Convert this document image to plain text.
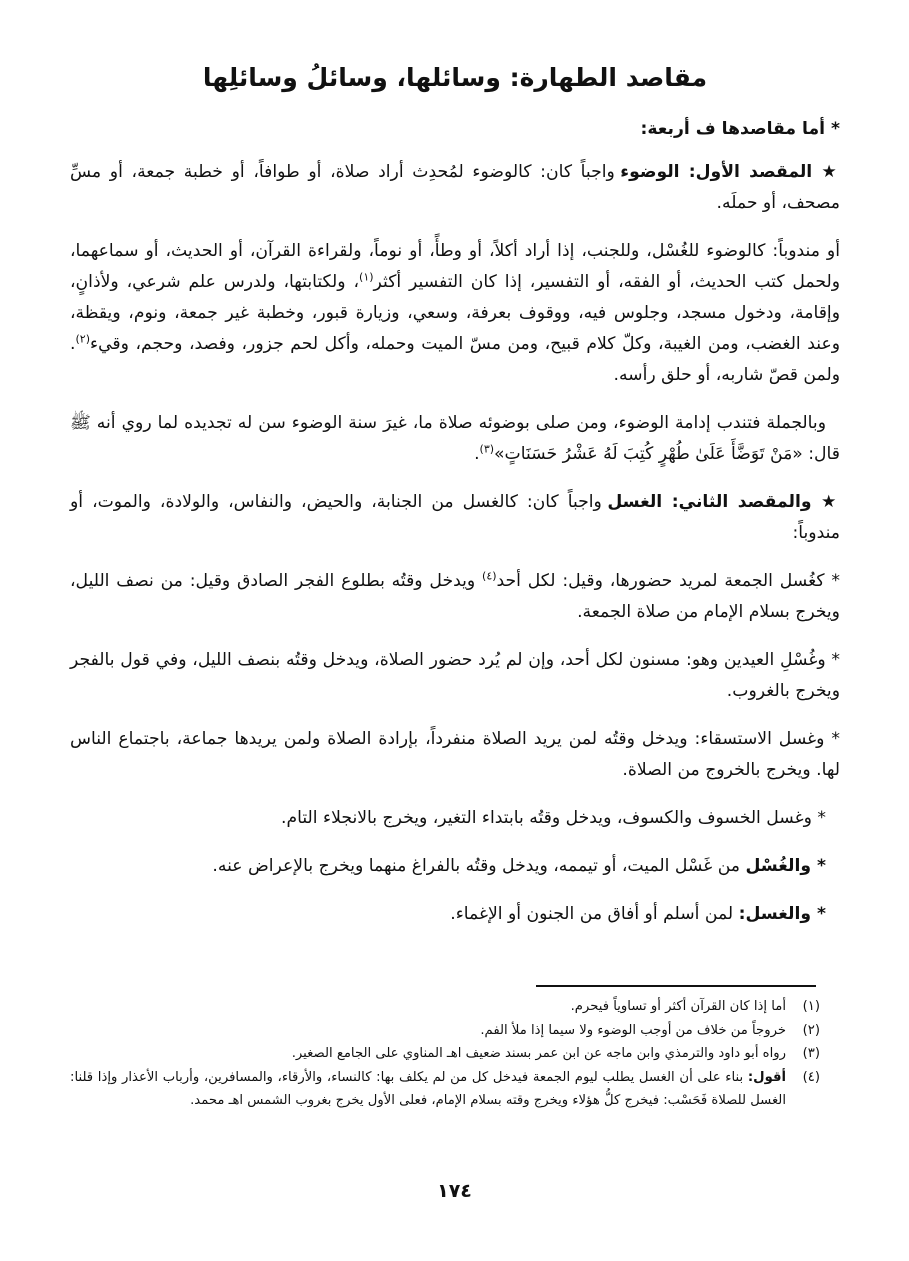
مقاصد الطهارة: وسائلها، وسائلُ وسائلِها

* أما مقاصدها ف أربعة:

★ المقصد الأول: الوضوء واجباً كان: كالوضوء لمُحدِث أراد صلاة، أو طوافاً، أو خطبة جمعة، أو مسِّ مصحف، أو حملَه.

أو مندوباً: كالوضوء للغُسْل، وللجنب، إذا أراد أكلاً، أو وطأً، أو نوماً، ولقراءة القرآن، أو الحديث، أو سماعهما، ولحمل كتب الحديث، أو الفقه، أو التفسير، إذا كان التفسير أكثر$^{(١)}$، ولكتابتها، ولدرس علم شرعي، ولأذانٍ، وإقامة، ودخول مسجد، وجلوس فيه، ووقوف بعرفة، وسعي، وزيارة قبور، وخطبة غير جمعة، ونوم، ويقظة، وعند الغضب، ومن الغيبة، وكلّ كلام قبيح، ومن مسّ الميت وحمله، وأكل لحم جزور، وفصد، وحجم، وقيء$^{(٢)}$. ولمن قصّ شاربه، أو حلق رأسه.

وبالجملة فتندب إدامة الوضوء، ومن صلى بوضوئه صلاة ما، غيرَ سنة الوضوء سن له تجديده لما روي أنه ﷺ قال: «مَنْ تَوَضَّأَ عَلَىٰ طُهْرٍ كُتِبَ لَهُ عَشْرُ حَسَنَاتٍ»$^{(٣)}$.

★ والمقصد الثاني: الغسل واجباً كان: كالغسل من الجنابة، والحيض، والنفاس، والولادة، والموت، أو مندوباً:

* كغُسل الجمعة لمريد حضورها، وقيل: لكل أحد$^{(٤)}$ ويدخل وقتُه بطلوع الفجر الصادق وقيل: من نصف الليل، ويخرج بسلام الإمام من صلاة الجمعة.

* وغُسْلِ العيدين وهو: مسنون لكل أحد، وإن لم يُرد حضور الصلاة، ويدخل وقتُه بنصف الليل، وفي قول بالفجر ويخرج بالغروب.

* وغسل الاستسقاء: ويدخل وقتُه لمن يريد الصلاة منفرداً، بإرادة الصلاة ولمن يريدها جماعة، باجتماع الناس لها. ويخرج بالخروج من الصلاة.

* وغسل الخسوف والكسوف، ويدخل وقتُه بابتداء التغير، ويخرج بالانجلاء التام.

* والغُسْل من غَسْل الميت، أو تيممه، ويدخل وقتُه بالفراغ منهما ويخرج بالإعراض عنه.

* والغسل: لمن أسلم أو أفاق من الجنون أو الإغماء.

(١)
أما إذا كان القرآن أكثر أو تساوياً فيحرم.

(٢)
خروجاً من خلاف من أوجب الوضوء ولا سيما إذا ملأ الفم.

(٣)
رواه أبو داود والترمذي وابن ماجه عن ابن عمر بسند ضعيف اهـ المناوي على الجامع الصغير.

(٤)
أقول: بناء على أن الغسل يطلب ليوم الجمعة فيدخل كل من لم يكلف بها: كالنساء، والأرقاء، والمسافرين، وأرباب الأعذار وإذا قلنا: الغسل للصلاة فَحَسْب: فيخرج كلُّ هؤلاء ويخرج وقته بسلام الإمام، فعلى الأول يخرج بغروب الشمس اهـ محمد.

١٧٤
